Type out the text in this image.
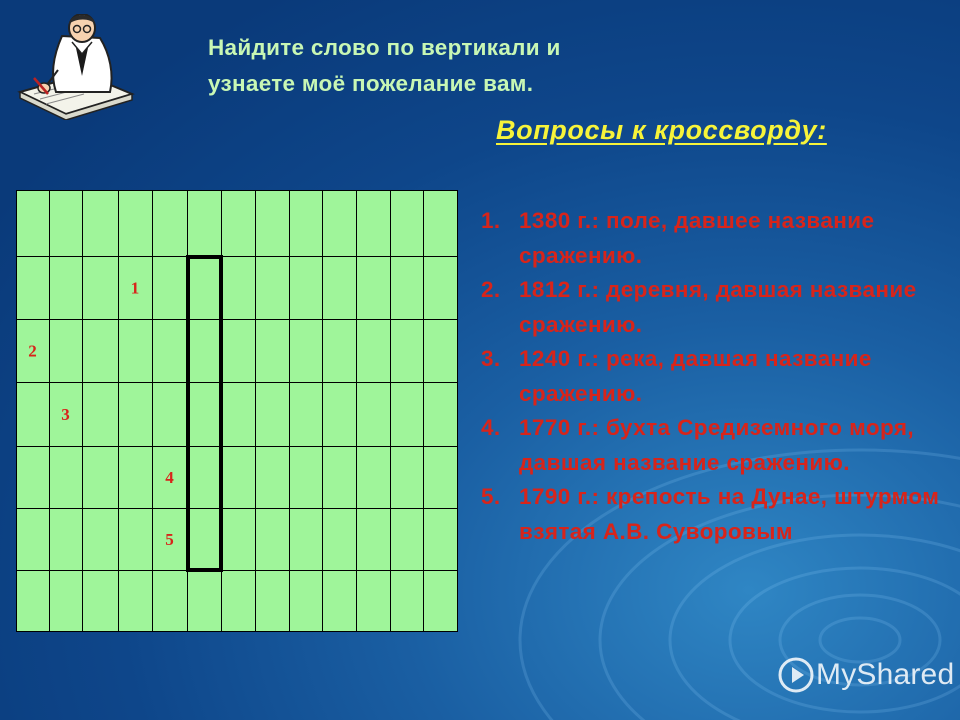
Найдите слово по вертикали и
узнаете моё пожелание вам.
Вопросы к кроссворду:
1
2
3
4
5
1. 1380 г.: поле, давшее название сражению.
2. 1812 г.: деревня, давшая название сражению.
3. 1240 г.: река, давшая название сражению.
4. 1770 г.: бухта Средиземного моря, давшая название сражению.
5. 1790 г.: крепость на Дунае, штурмом взятая А.В. Суворовым
MyShared
